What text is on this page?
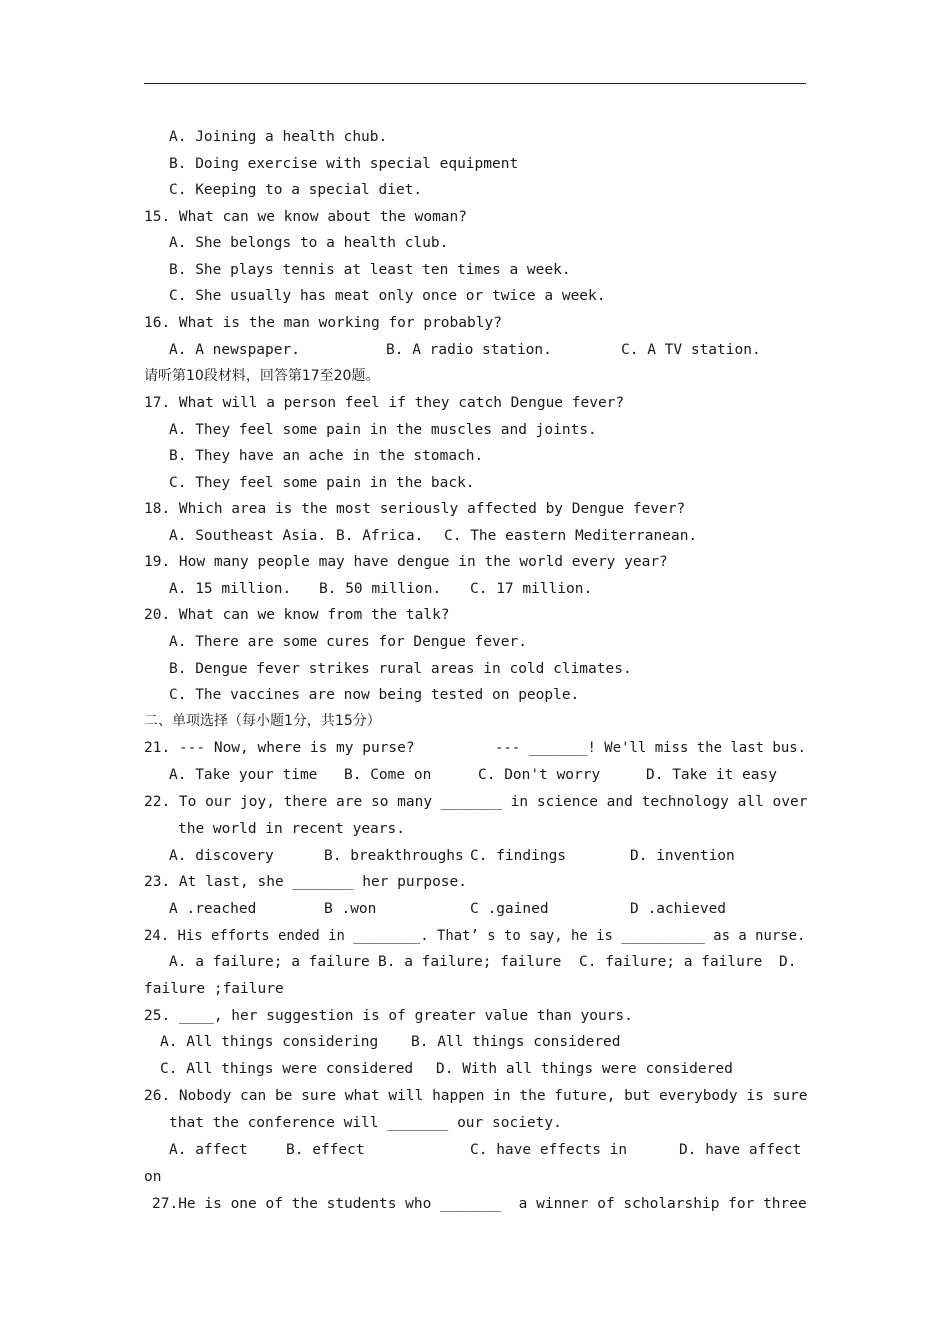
A. Joining a health chub.
B. Doing exercise with special equipment
C. Keeping to a special diet.
15. What can we know about the woman?
A. She belongs to a health club.
B. She plays tennis at least ten times a week.
C. She usually has meat only once or twice a week.
16. What is the man working for probably?
A. A newspaper.	B. A radio station.	C. A TV station.
请听第10段材料，回答第17至20题。
17. What will a person feel if they catch Dengue fever?
A. They feel some pain in the muscles and joints.
B. They have an ache in the stomach.
C. They feel some pain in the back.
18. Which area is the most seriously affected by Dengue fever?
A. Southeast Asia. B. Africa. C. The eastern Mediterranean.
19. How many people may have dengue in the world every year?
A. 15 million. B. 50 million. C. 17 million.
20. What can we know from the talk?
A. There are some cures for Dengue fever.
B. Dengue fever strikes rural areas in cold climates.
C. The vaccines are now being tested on people.
二、单项选择（每小题1分，共15分）
21. --- Now, where is my purse?	--- _______! We'll miss the last bus.
A. Take your time B. Come on	C. Don't worry	D. Take it easy
22. To our joy, there are so many _______ in science and technology all over
the world in recent years.
A. discovery	B. breakthroughs C. findings	D. invention
23. At last, she _______ her purpose.
A .reached	B .won	C .gained	D .achieved
24. His efforts ended in ________. That’ s to say, he is __________ as a nurse.
A. a failure; a failure B. a failure; failure C. failure; a failure D.
failure ;failure
25. ____, her suggestion is of greater value than yours.
A. All things considering B. All things considered
C. All things were considered D. With all things were considered
26. Nobody can be sure what will happen in the future, but everybody is sure
that the conference will _______ our society.
A. affect	B. effect	C. have effects in	D. have affect
on
27.He is one of the students who _______  a winner of scholarship for three
